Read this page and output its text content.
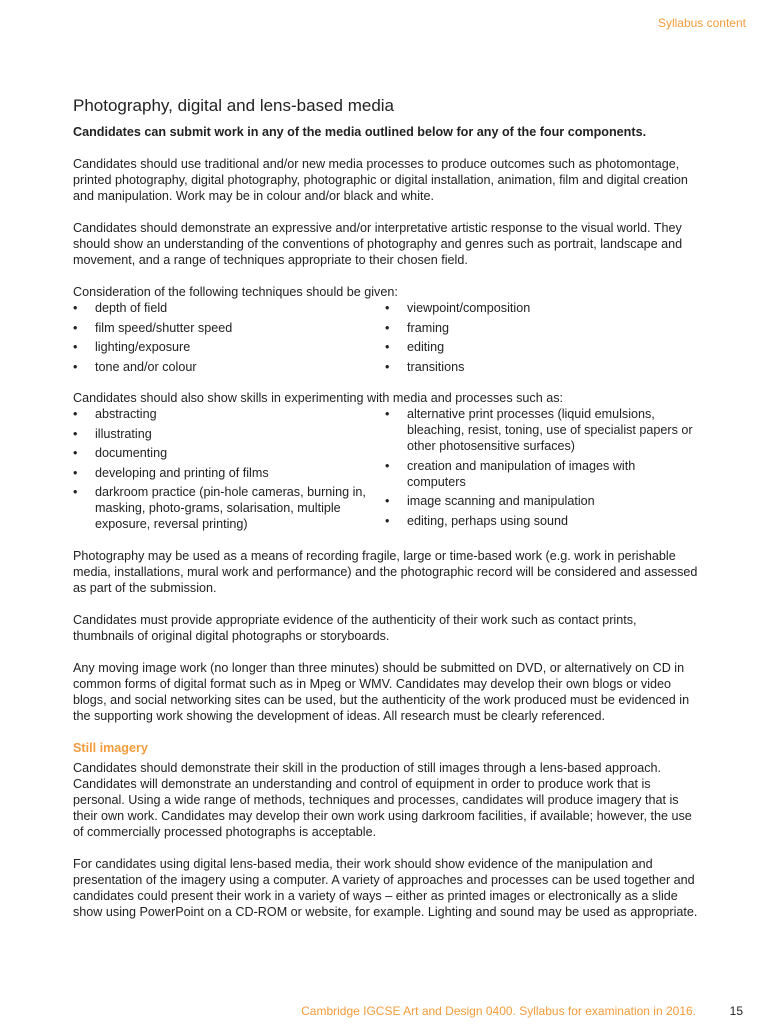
Syllabus content
Photography, digital and lens-based media

Candidates can submit work in any of the media outlined below for any of the four components.

Candidates should use traditional and/or new media processes to produce outcomes such as photomontage, printed photography, digital photography, photographic or digital installation, animation, film and digital creation and manipulation. Work may be in colour and/or black and white.

Candidates should demonstrate an expressive and/or interpretative artistic response to the visual world. They should show an understanding of the conventions of photography and genres such as portrait, landscape and movement, and a range of techniques appropriate to their chosen field.

Consideration of the following techniques should be given:

• depth of field
• film speed/shutter speed
• lighting/exposure
• tone and/or colour
• viewpoint/composition
• framing
• editing
• transitions

Candidates should also show skills in experimenting with media and processes such as:

• abstracting
• illustrating
• documenting
• developing and printing of films
• darkroom practice (pin-hole cameras, burning in, masking, photo-grams, solarisation, multiple exposure, reversal printing)
• alternative print processes (liquid emulsions, bleaching, resist, toning, use of specialist papers or other photosensitive surfaces)
• creation and manipulation of images with computers
• image scanning and manipulation
• editing, perhaps using sound

Photography may be used as a means of recording fragile, large or time-based work (e.g. work in perishable media, installations, mural work and performance) and the photographic record will be considered and assessed as part of the submission.

Candidates must provide appropriate evidence of the authenticity of their work such as contact prints, thumbnails of original digital photographs or storyboards.

Any moving image work (no longer than three minutes) should be submitted on DVD, or alternatively on CD in common forms of digital format such as in Mpeg or WMV. Candidates may develop their own blogs or video blogs, and social networking sites can be used, but the authenticity of the work produced must be evidenced in the supporting work showing the development of ideas. All research must be clearly referenced.

Still imagery

Candidates should demonstrate their skill in the production of still images through a lens-based approach. Candidates will demonstrate an understanding and control of equipment in order to produce work that is personal. Using a wide range of methods, techniques and processes, candidates will produce imagery that is their own work. Candidates may develop their own work using darkroom facilities, if available; however, the use of commercially processed photographs is acceptable.

For candidates using digital lens-based media, their work should show evidence of the manipulation and presentation of the imagery using a computer. A variety of approaches and processes can be used together and candidates could present their work in a variety of ways – either as printed images or electronically as a slide show using PowerPoint on a CD-ROM or website, for example. Lighting and sound may be used as appropriate.

Cambridge IGCSE Art and Design 0400. Syllabus for examination in 2016.	15
